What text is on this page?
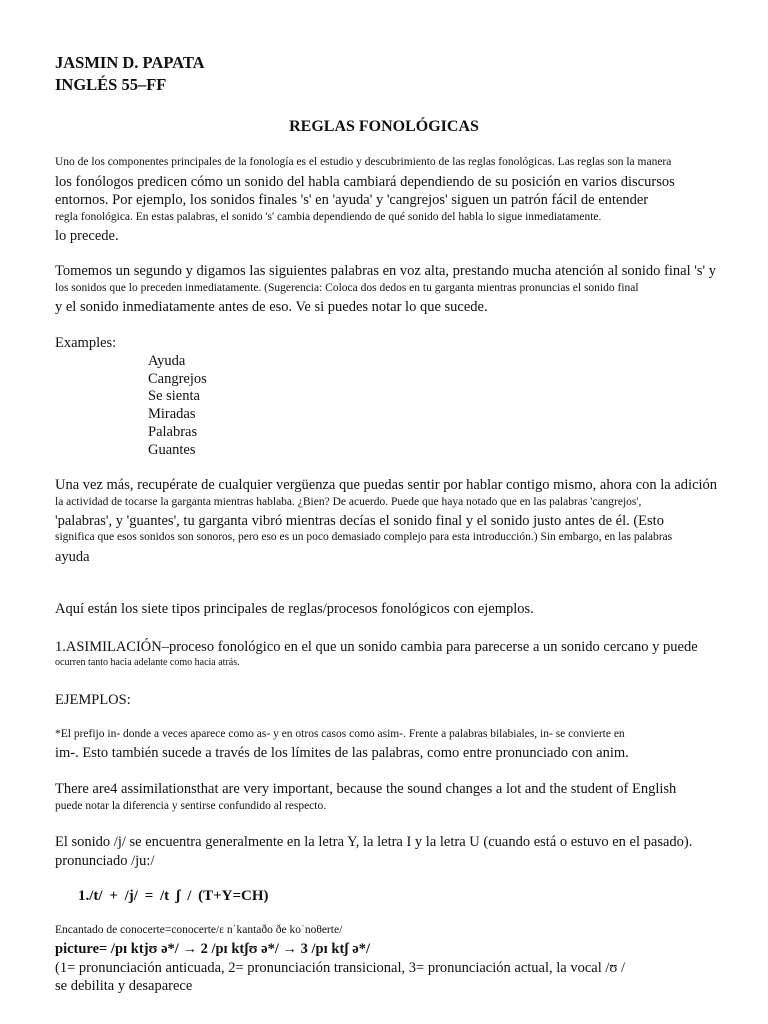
JASMIN D. PAPATA
INGLÉS 55–FF
REGLAS FONOLÓGICAS
Uno de los componentes principales de la fonología es el estudio y descubrimiento de las reglas fonológicas. Las reglas son la manera
los fonólogos predicen cómo un sonido del habla cambiará dependiendo de su posición en varios discursos
entornos. Por ejemplo, los sonidos finales 's' en 'ayuda' y 'cangrejos' siguen un patrón fácil de entender
regla fonológica. En estas palabras, el sonido 's' cambia dependiendo de qué sonido del habla lo sigue inmediatamente.
lo precede.
Tomemos un segundo y digamos las siguientes palabras en voz alta, prestando mucha atención al sonido final 's' y
los sonidos que lo preceden inmediatamente. (Sugerencia: Coloca dos dedos en tu garganta mientras pronuncias el sonido final
y el sonido inmediatamente antes de eso. Ve si puedes notar lo que sucede.
Examples:
Ayuda
Cangrejos
Se sienta
Miradas
Palabras
Guantes
Una vez más, recupérate de cualquier vergüenza que puedas sentir por hablar contigo mismo, ahora con la adición
la actividad de tocarse la garganta mientras hablaba. ¿Bien? De acuerdo. Puede que haya notado que en las palabras 'cangrejos',
'palabras', y 'guantes', tu garganta vibró mientras decías el sonido final y el sonido justo antes de él. (Esto
significa que esos sonidos son sonoros, pero eso es un poco demasiado complejo para esta introducción.) Sin embargo, en las palabras
ayuda
Aquí están los siete tipos principales de reglas/procesos fonológicos con ejemplos.
1.ASIMILACIÓN–proceso fonológico en el que un sonido cambia para parecerse a un sonido cercano y puede
ocurren tanto hacia adelante como hacia atrás.
EJEMPLOS:
*El prefijo in- donde a veces aparece como as- y en otros casos como asim-. Frente a palabras bilabiales, in- se convierte en
im-. Esto también sucede a través de los límites de las palabras, como entre pronunciado con anim.
There are4 assimilationsthat are very important, because the sound changes a lot and the student of English
puede notar la diferencia y sentirse confundido al respecto.
El sonido /j/ se encuentra generalmente en la letra Y, la letra I y la letra U (cuando está o estuvo en el pasado).
pronunciado /ju:/
1./t/ + /j/ = /t ʃ / (T+Y=CH)
Encantado de conocerte=conocerte/ɛ nˈkantaðo ðe koˈnoθerte/
picture= /pɪ ktjʊ ə*/ → 2 /pɪ ktʃʊ ə*/ → 3 /pɪ ktʃ ə*/
(1= pronunciación anticuada, 2= pronunciación transicional, 3= pronunciación actual, la vocal /ʊ /
se debilita y desaparece
